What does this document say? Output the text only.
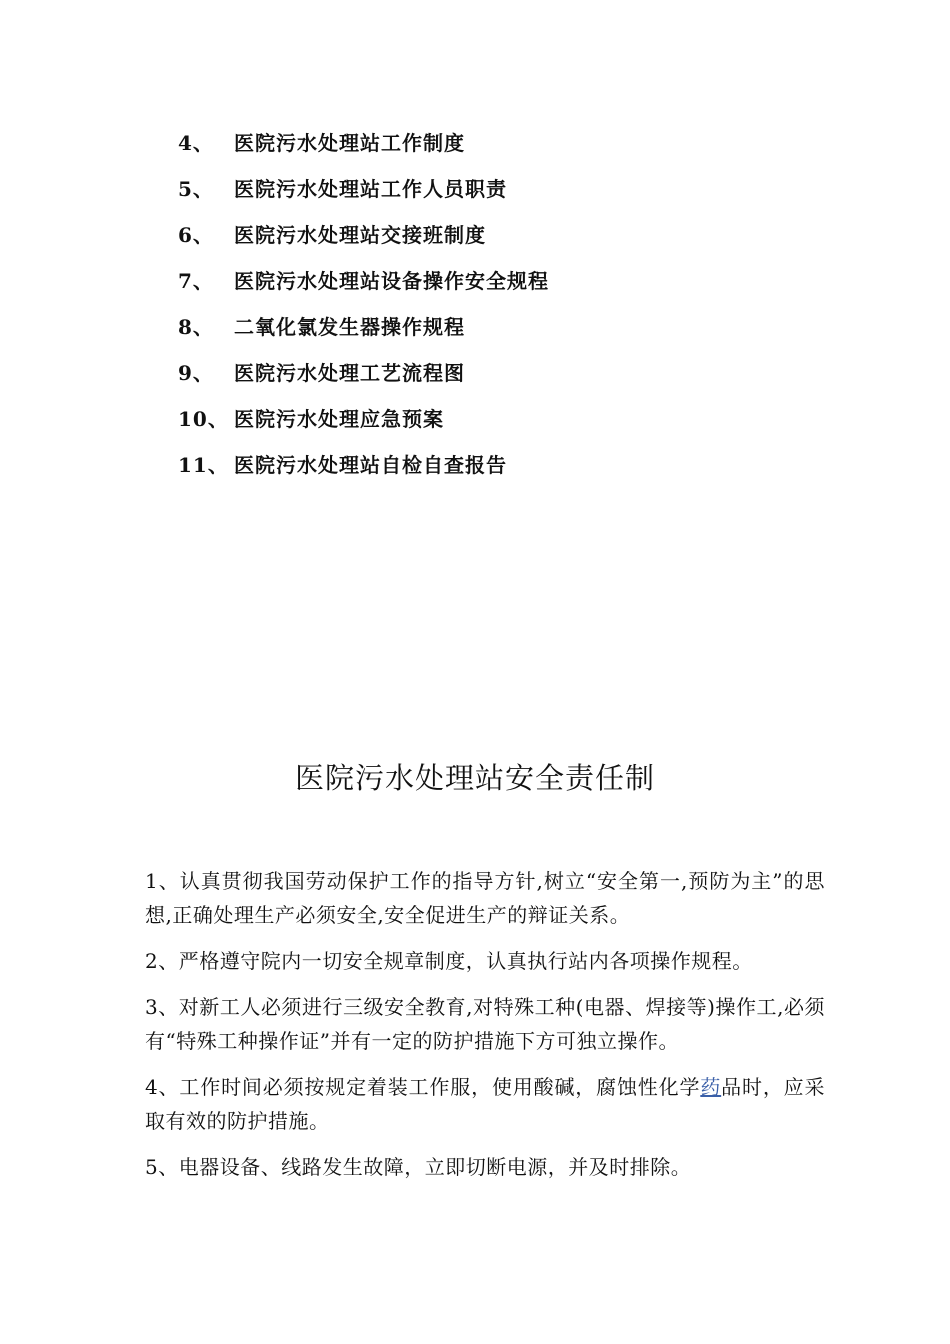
4、	医院污水处理站工作制度
5、	医院污水处理站工作人员职责
6、	医院污水处理站交接班制度
7、	医院污水处理站设备操作安全规程
8、	二氧化氯发生器操作规程
9、	医院污水处理工艺流程图
10、 医院污水处理应急预案
11、 医院污水处理站自检自查报告
医院污水处理站安全责任制

1、认真贯彻我国劳动保护工作的指导方针,树立“安全第一,预防为主”的思想,正确处理生产必须安全,安全促进生产的辩证关系。

2、严格遵守院内一切安全规章制度，认真执行站内各项操作规程。

3、对新工人必须进行三级安全教育,对特殊工种(电器、焊接等)操作工,必须有“特殊工种操作证”并有一定的防护措施下方可独立操作。

4、工作时间必须按规定着装工作服，使用酸碱，腐蚀性化学药品时，应采取有效的防护措施。

5、电器设备、线路发生故障，立即切断电源，并及时排除。
